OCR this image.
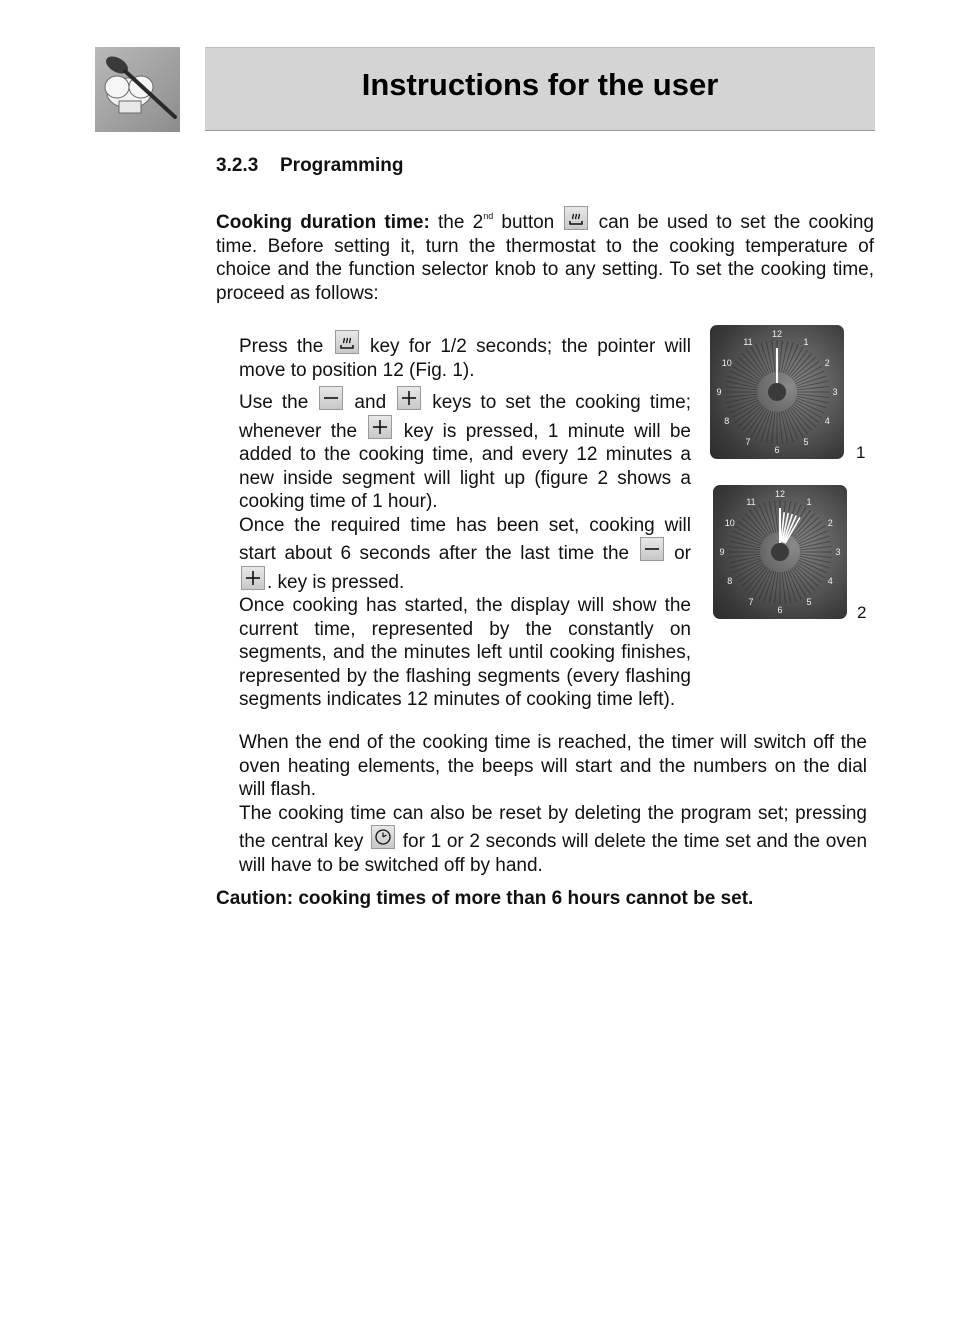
Instructions for the user
3.2.3 Programming
Cooking duration time: the 2nd button
can be used to set the cooking time. Before setting it, turn the thermostat to the cooking temperature of choice and the function selector knob to any setting. To set the cooking time, proceed as follows:

Press the
key for 1/2 seconds; the pointer will move to position 12 (Fig. 1).

Use the
and
keys to set the cooking time; whenever the
key is pressed, 1 minute will be added to the cooking time, and every 12 minutes a new inside segment will light up (figure 2 shows a cooking time of 1 hour).

Once the required time has been set, cooking will start about 6 seconds after the last time the
or
. key is pressed.

Once cooking has started, the display will show the current time, represented by the constantly on segments, and the minutes left until cooking finishes, represented by the flashing segments (every flashing segments indicates 12 minutes of cooking time left).

When the end of the cooking time is reached, the timer will switch off the oven heating elements, the beeps will start and the numbers on the dial will flash.

The cooking time can also be reset by deleting the program set; pressing the central key
for 1 or 2 seconds will delete the time set and the oven will have to be switched off by hand.

Caution: cooking times of more than 6 hours cannot be set.
12
1
2
3
4
5
6
7
8
9
10
11
1
12
1
2
3
4
5
6
7
8
9
10
11
2
